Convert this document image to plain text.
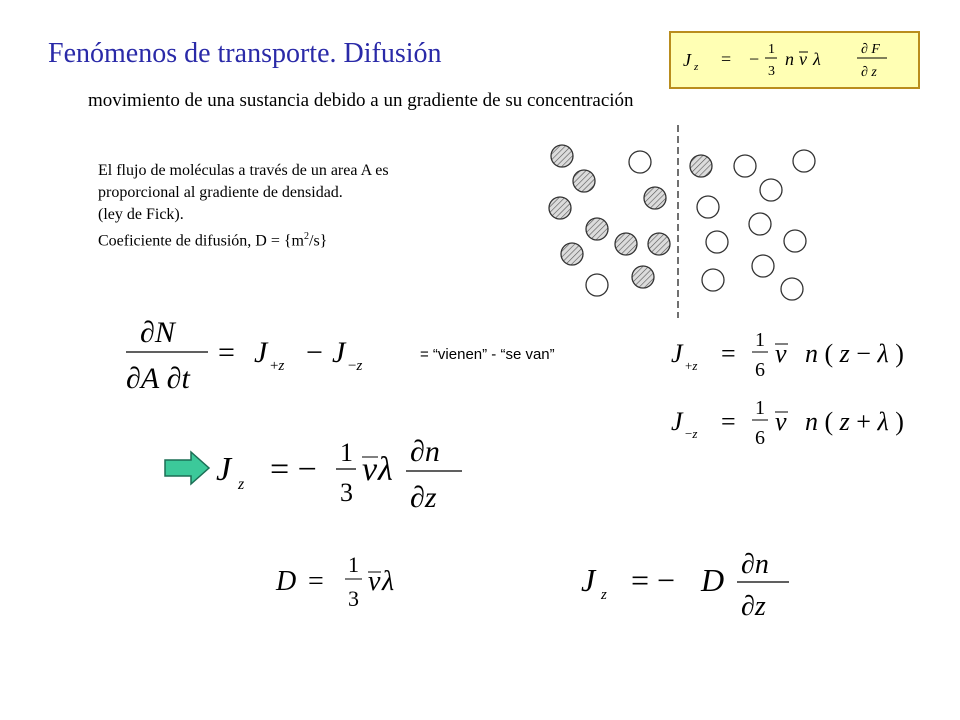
Fenómenos de transporte. Difusión
movimiento de una sustancia debido a un gradiente de su concentración
El flujo de moléculas a través de un area A es
proporcional al gradiente de densidad.
(ley de Fick).
Coeficiente de difusión, $D = \{m^2/s\}$
J z = − 1
3
n v λ	∂ F
∂ z
∂N
∂A ∂t
= J +z − J −z
= “vienen” - “se van”	J +z = 1
6
v n ( z − λ )
J −z = 1
6
v n ( z + λ )
J z = − 1
3
v λ ∂n
∂z
D =
1
3
v λ	J z = − D ∂n
∂z
